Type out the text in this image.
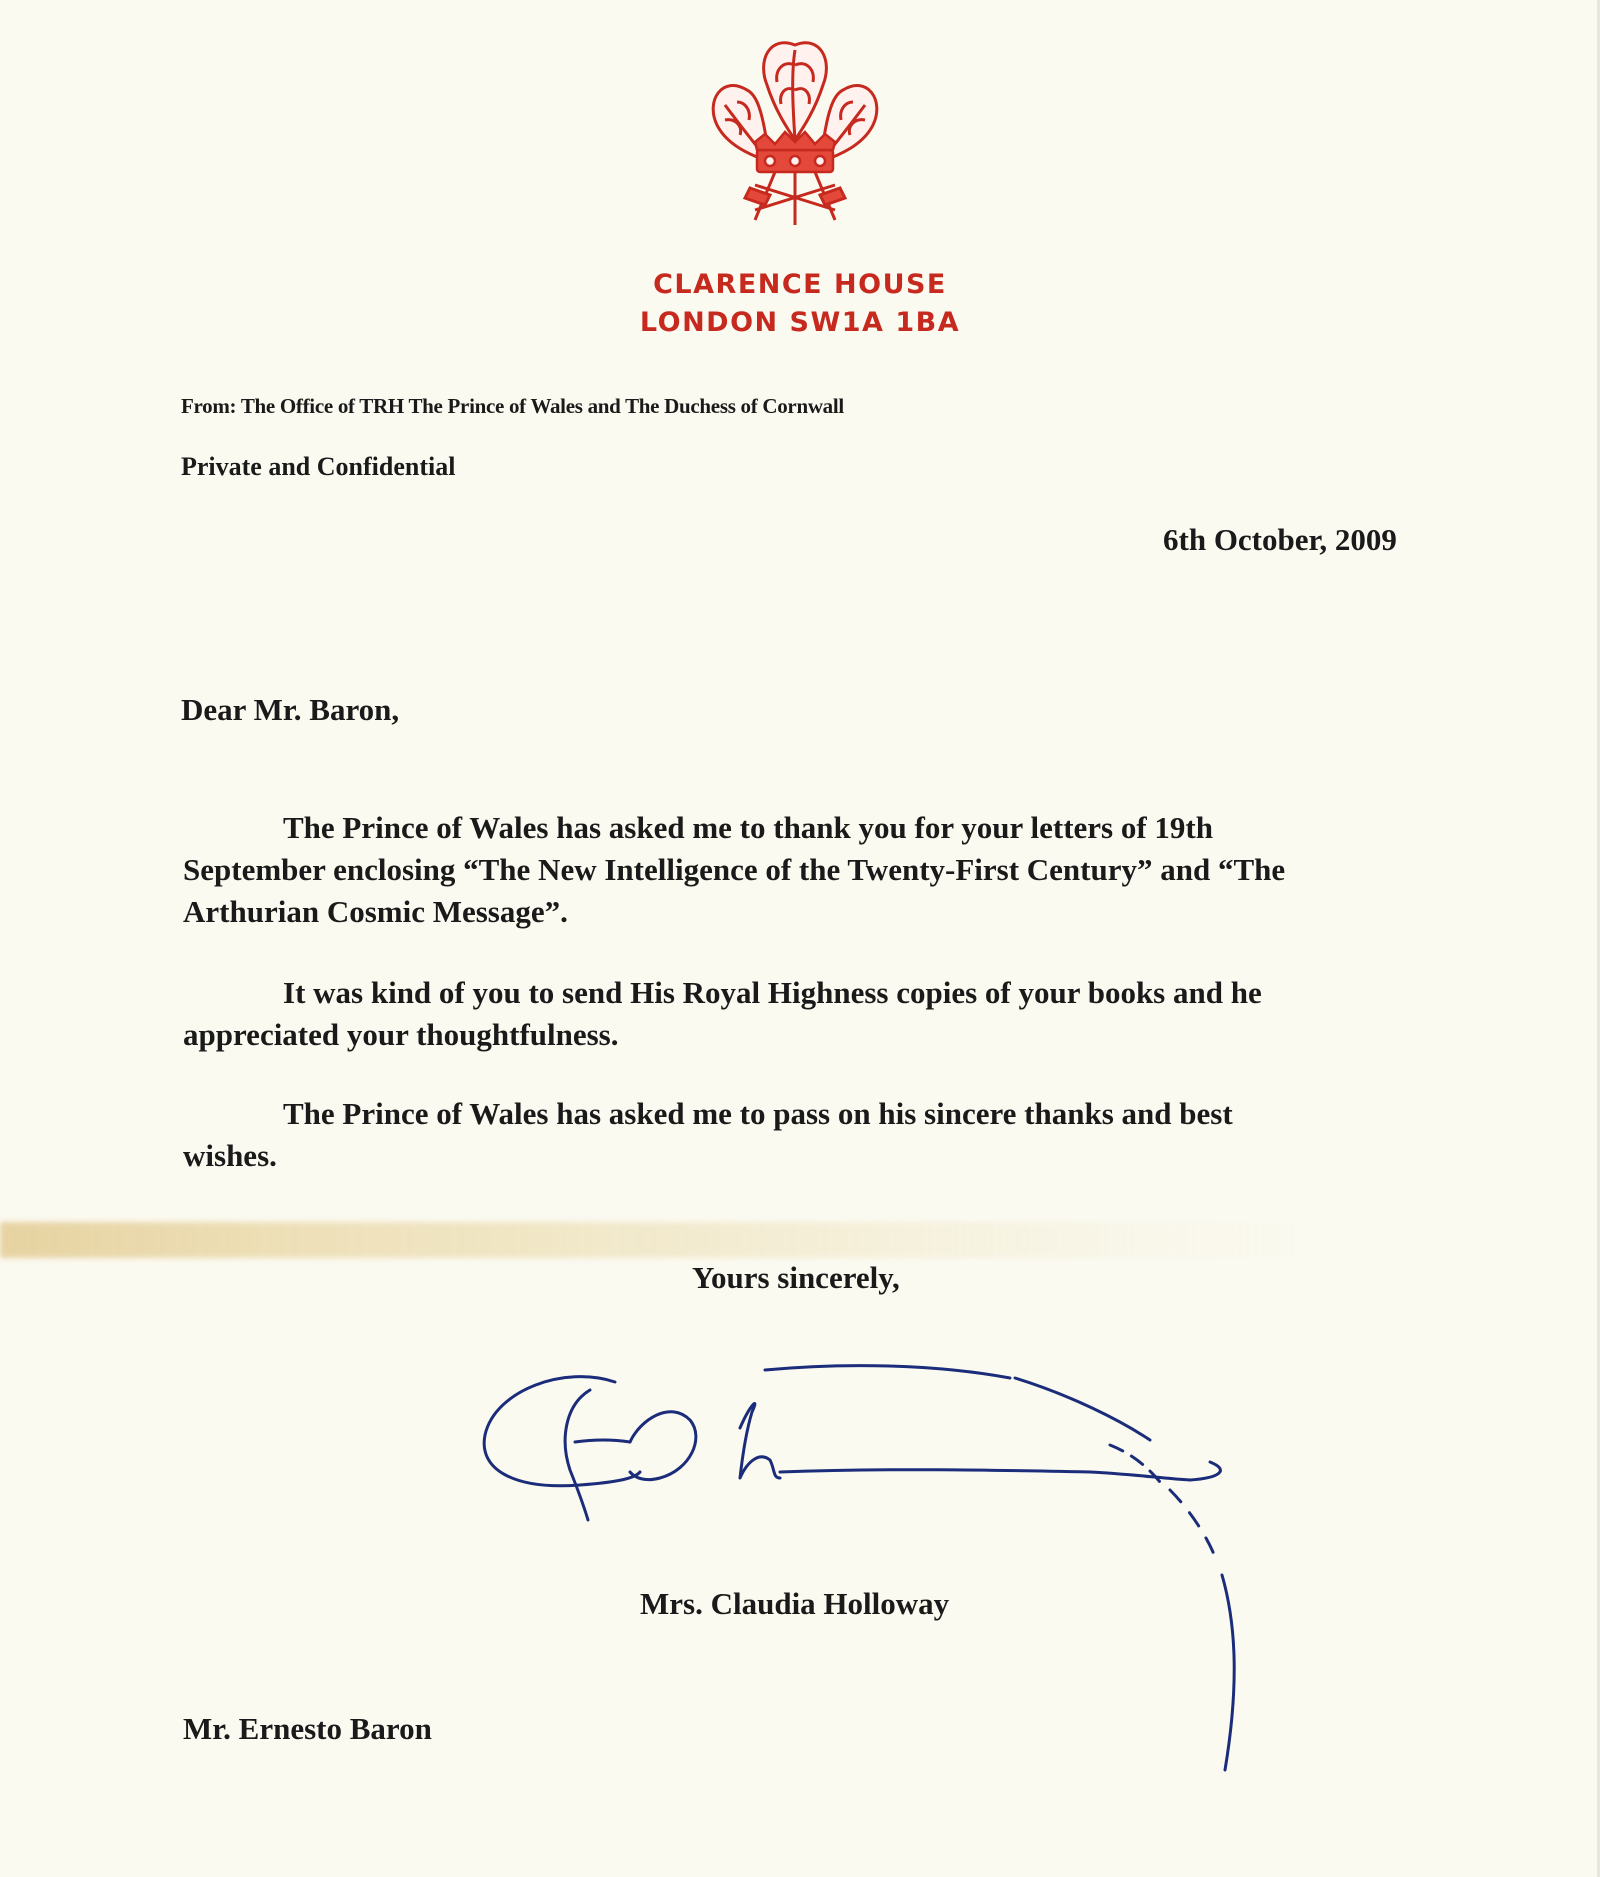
CLARENCE HOUSE
LONDON SW1A 1BA
From: The Office of TRH The Prince of Wales and The Duchess of Cornwall
Private and Confidential
6th October, 2009
Dear Mr. Baron,
The Prince of Wales has asked me to thank you for your letters of 19th
September enclosing “The New Intelligence of the Twenty-First Century” and “The
Arthurian Cosmic Message”.
It was kind of you to send His Royal Highness copies of your books and he
appreciated your thoughtfulness.
The Prince of Wales has asked me to pass on his sincere thanks and best
wishes.
Yours sincerely,
Mrs. Claudia Holloway
Mr. Ernesto Baron
